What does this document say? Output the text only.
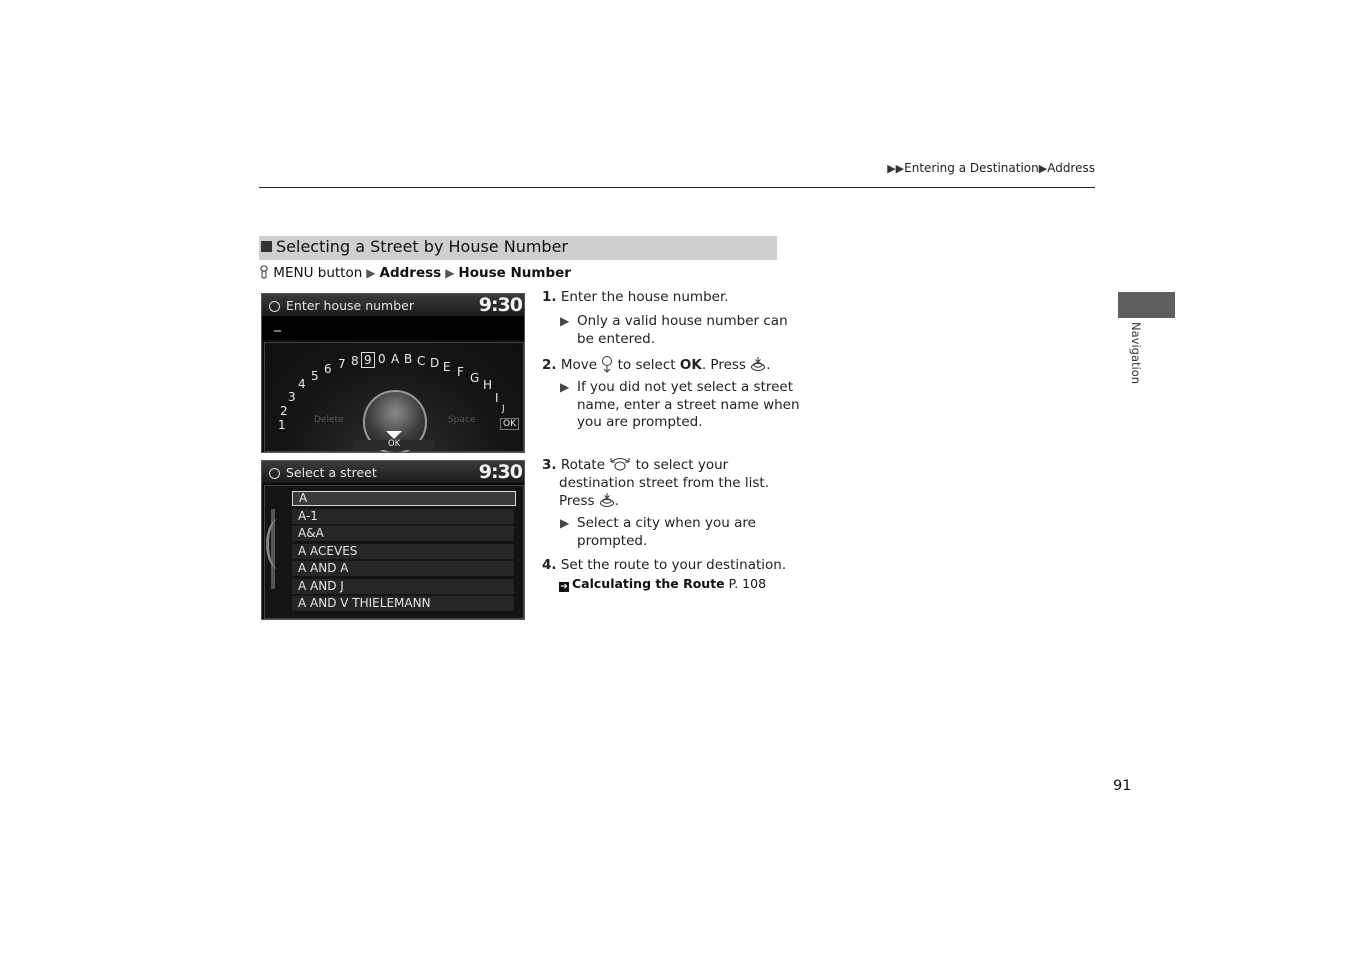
▶▶Entering a Destination▶Address
Selecting a Street by House Number
MENU button ▶ Address ▶ House Number
Enter house number	9:30
_
1
2
3
4
5 6 7 8 9 0 A B C D E F G H
I
J
OK
Delete	Space
OK
Select a street	9:30
A
A-1
A&A
A ACEVES
A AND A
A AND J
A AND V THIELEMANN
1. Enter the house number.
▶ Only a valid house number can
be entered.
2. Move to select OK. Press .
▶ If you did not yet select a street
name, enter a street name when
you are prompted.
3. Rotate to select your
destination street from the list.
Press .
▶ Select a city when you are
prompted.
4. Set the route to your destination.
➔ Calculating the Route P. 108
Navigation
91
